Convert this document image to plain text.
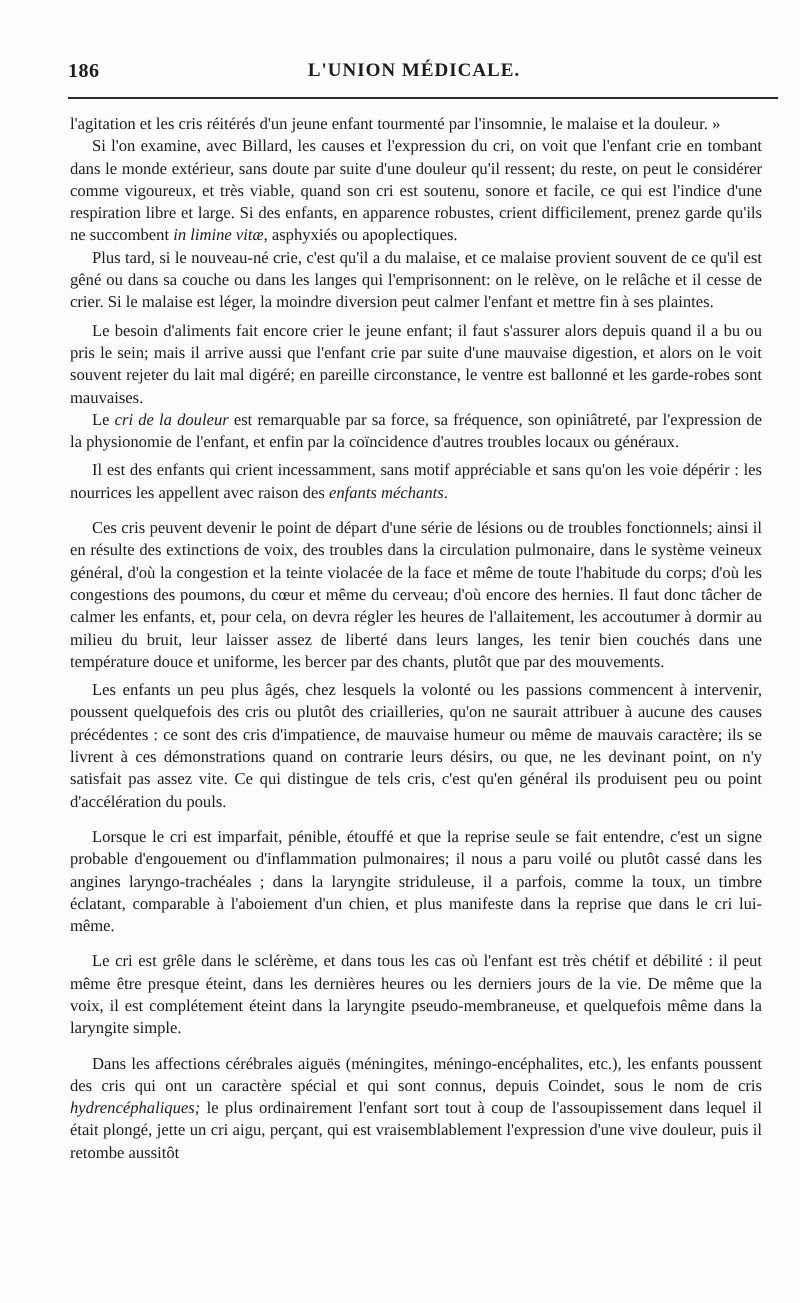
186	L'UNION MÉDICALE.

l'agitation et les cris réitérés d'un jeune enfant tourmenté par l'insomnie, le malaise et la douleur. »

Si l'on examine, avec Billard, les causes et l'expression du cri, on voit que l'enfant crie en tombant dans le monde extérieur, sans doute par suite d'une douleur qu'il ressent; du reste, on peut le considérer comme vigoureux, et très viable, quand son cri est soutenu, sonore et facile, ce qui est l'indice d'une respiration libre et large. Si des enfants, en apparence robustes, crient difficilement, prenez garde qu'ils ne succombent in limine vitæ, asphyxiés ou apoplectiques.

Plus tard, si le nouveau-né crie, c'est qu'il a du malaise, et ce malaise provient souvent de ce qu'il est gêné ou dans sa couche ou dans les langes qui l'emprisonnent: on le relève, on le relâche et il cesse de crier. Si le malaise est léger, la moindre diversion peut calmer l'enfant et mettre fin à ses plaintes.

Le besoin d'aliments fait encore crier le jeune enfant; il faut s'assurer alors depuis quand il a bu ou pris le sein; mais il arrive aussi que l'enfant crie par suite d'une mauvaise digestion, et alors on le voit souvent rejeter du lait mal digéré; en pareille circonstance, le ventre est ballonné et les garde-robes sont mauvaises.

Le cri de la douleur est remarquable par sa force, sa fréquence, son opiniâtreté, par l'expression de la physionomie de l'enfant, et enfin par la coïncidence d'autres troubles locaux ou généraux.

Il est des enfants qui crient incessamment, sans motif appréciable et sans qu'on les voie dépérir : les nourrices les appellent avec raison des enfants méchants.

Ces cris peuvent devenir le point de départ d'une série de lésions ou de troubles fonctionnels; ainsi il en résulte des extinctions de voix, des troubles dans la circulation pulmonaire, dans le système veineux général, d'où la congestion et la teinte violacée de la face et même de toute l'habitude du corps; d'où les congestions des poumons, du cœur et même du cerveau; d'où encore des hernies. Il faut donc tâcher de calmer les enfants, et, pour cela, on devra régler les heures de l'allaitement, les accoutumer à dormir au milieu du bruit, leur laisser assez de liberté dans leurs langes, les tenir bien couchés dans une température douce et uniforme, les bercer par des chants, plutôt que par des mouvements.

Les enfants un peu plus âgés, chez lesquels la volonté ou les passions commencent à intervenir, poussent quelquefois des cris ou plutôt des criailleries, qu'on ne saurait attribuer à aucune des causes précédentes : ce sont des cris d'impatience, de mauvaise humeur ou même de mauvais caractère; ils se livrent à ces démonstrations quand on contrarie leurs désirs, ou que, ne les devinant point, on n'y satisfait pas assez vite. Ce qui distingue de tels cris, c'est qu'en général ils produisent peu ou point d'accélération du pouls.

Lorsque le cri est imparfait, pénible, étouffé et que la reprise seule se fait entendre, c'est un signe probable d'engouement ou d'inflammation pulmonaires; il nous a paru voilé ou plutôt cassé dans les angines laryngo-trachéales ; dans la laryngite striduleuse, il a parfois, comme la toux, un timbre éclatant, comparable à l'aboiement d'un chien, et plus manifeste dans la reprise que dans le cri lui-même.

Le cri est grêle dans le sclérème, et dans tous les cas où l'enfant est très chétif et débilité : il peut même être presque éteint, dans les dernières heures ou les derniers jours de la vie. De même que la voix, il est complétement éteint dans la laryngite pseudo-membraneuse, et quelquefois même dans la laryngite simple.

Dans les affections cérébrales aiguës (méningites, méningo-encéphalites, etc.), les enfants poussent des cris qui ont un caractère spécial et qui sont connus, depuis Coindet, sous le nom de cris hydrencéphaliques; le plus ordinairement l'enfant sort tout à coup de l'assoupissement dans lequel il était plongé, jette un cri aigu, perçant, qui est vraisemblablement l'expression d'une vive douleur, puis il retombe aussitôt
